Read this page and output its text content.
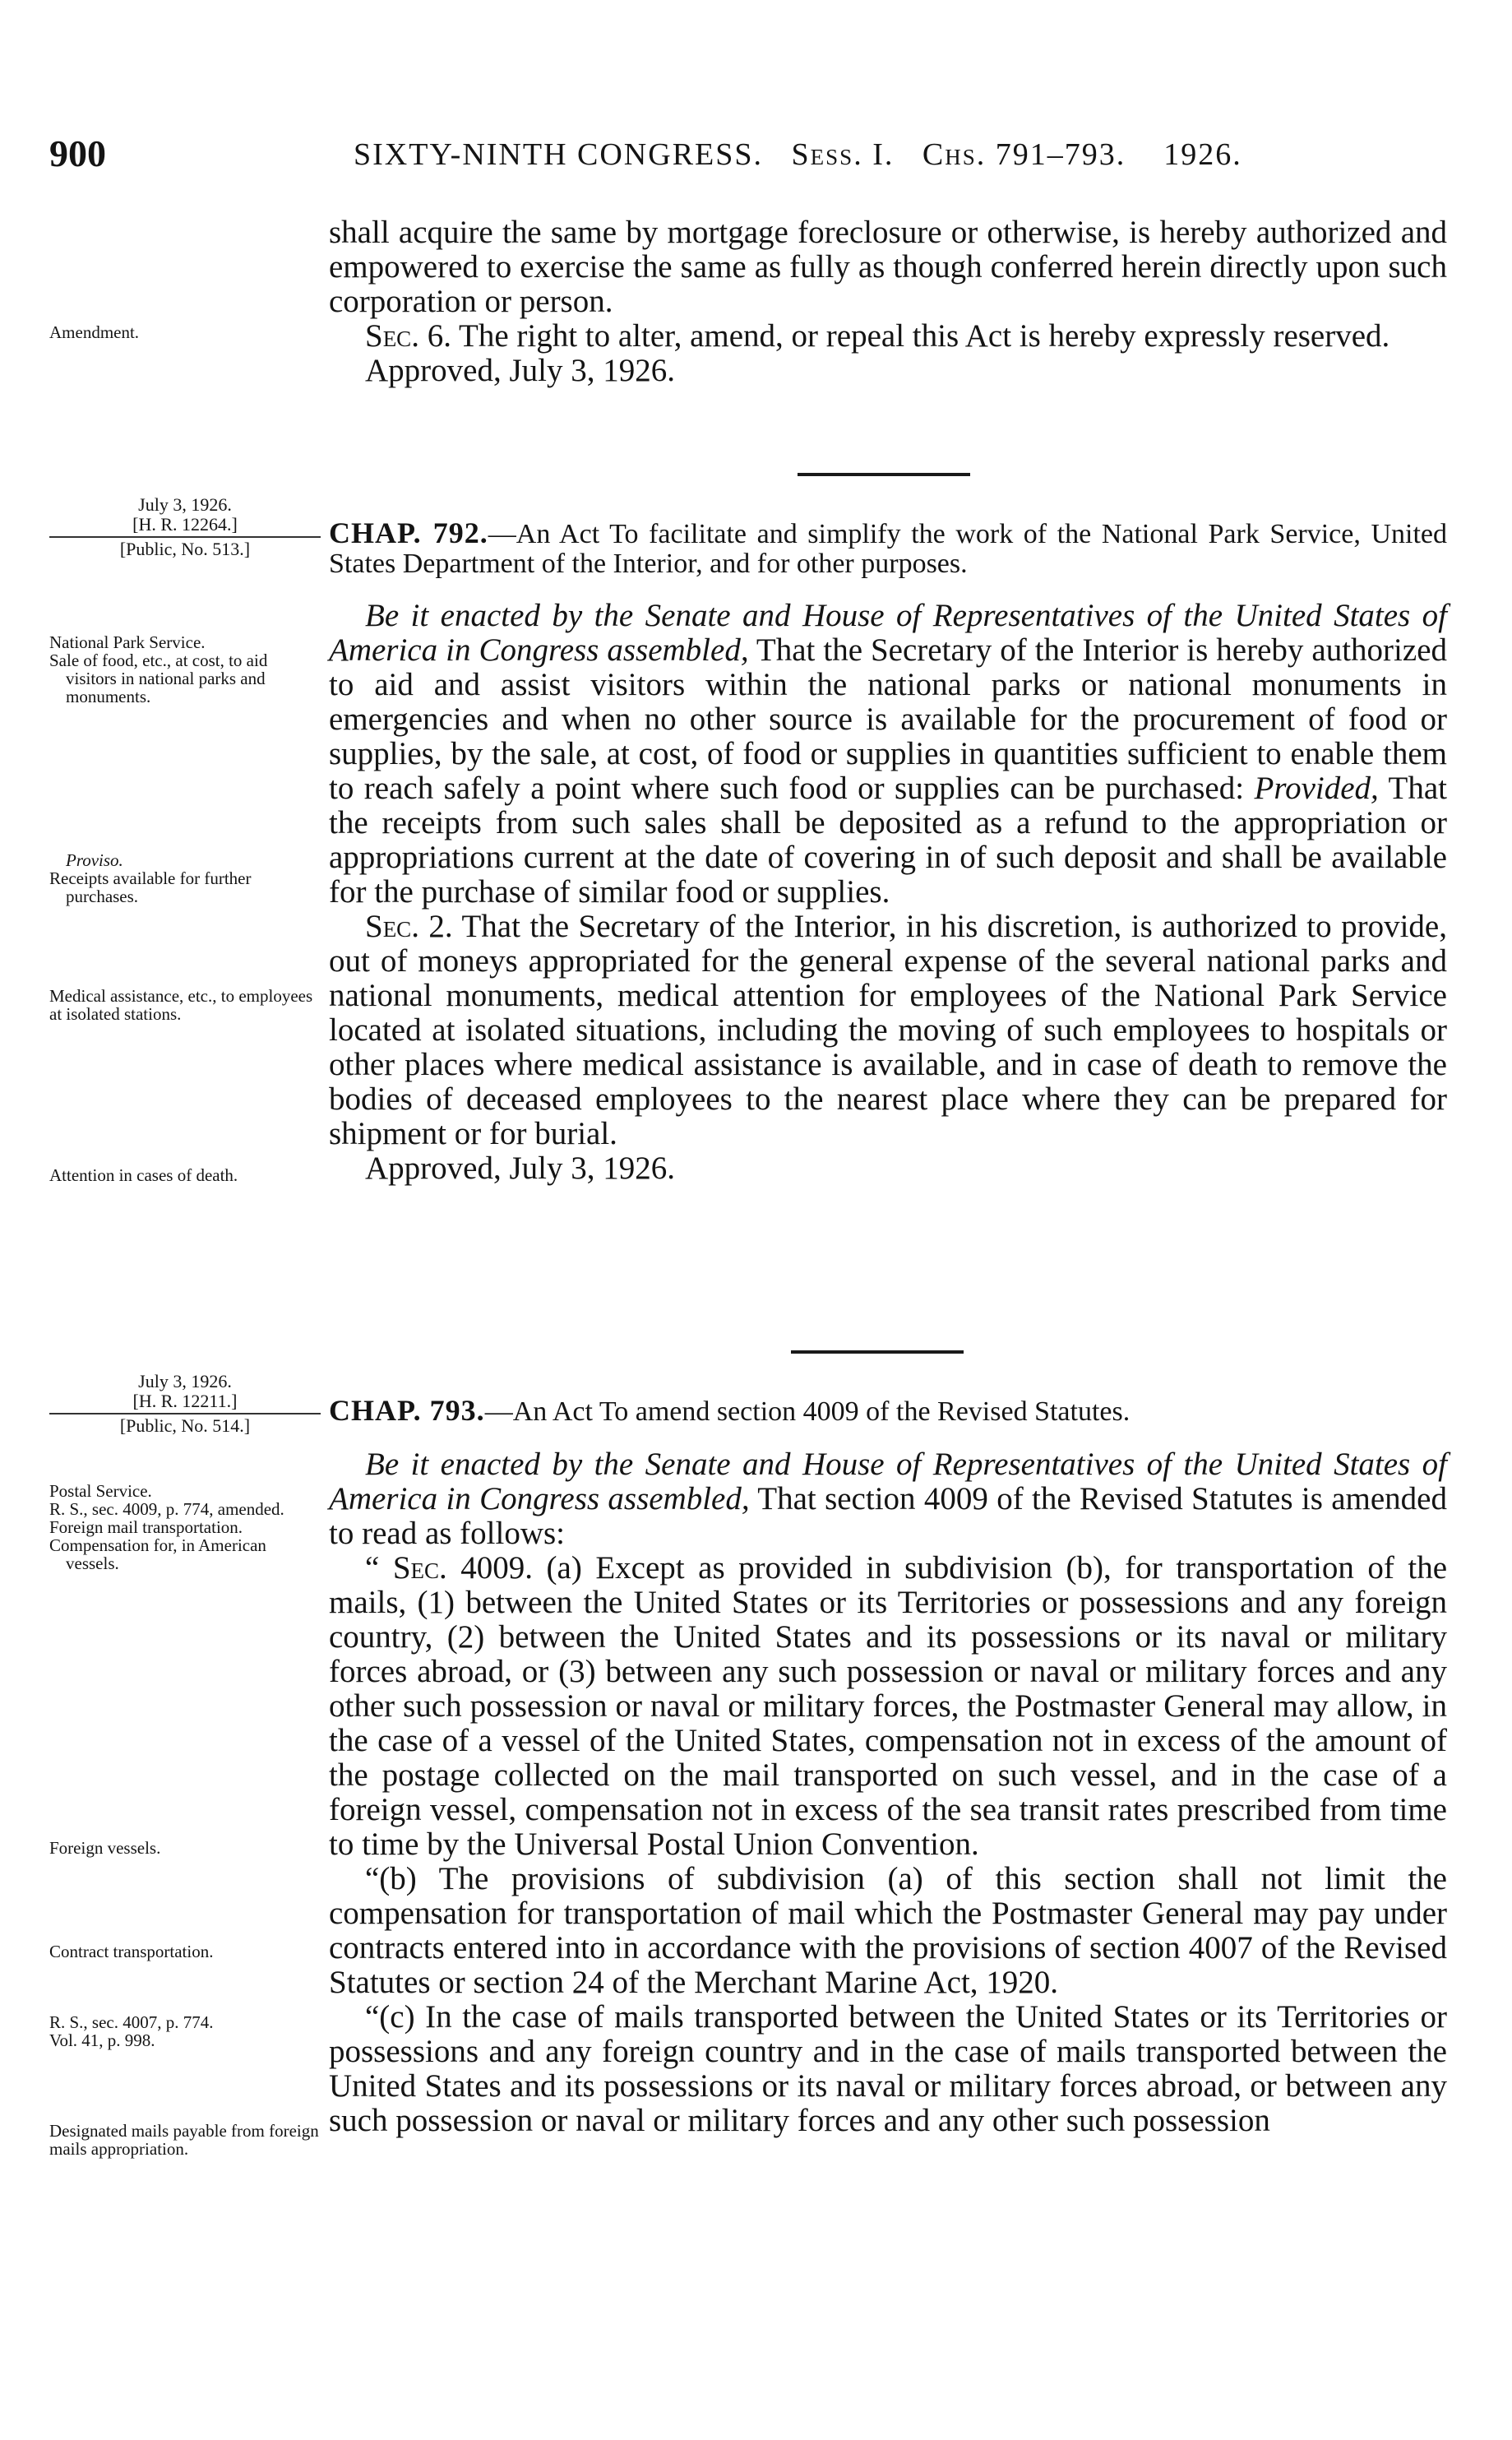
900	SIXTY-NINTH CONGRESS. Sess. I. Chs. 791–793. 1926.

shall acquire the same by mortgage foreclosure or otherwise, is hereby authorized and empowered to exercise the same as fully as though conferred herein directly upon such corporation or person.

Sec. 6. The right to alter, amend, or repeal this Act is hereby expressly reserved.

Approved, July 3, 1926.

Amendment.
July 3, 1926.
[H. R. 12264.]
[Public, No. 513.]	CHAP. 792.—An Act To facilitate and simplify the work of the National Park Service, United States Department of the Interior, and for other purposes.

Be it enacted by the Senate and House of Representatives of the United States of America in Congress assembled, That the Secretary of the Interior is hereby authorized to aid and assist visitors within the national parks or national monuments in emergencies and when no other source is available for the procurement of food or supplies, by the sale, at cost, of food or supplies in quantities sufficient to enable them to reach safely a point where such food or supplies can be purchased: Provided, That the receipts from such sales shall be deposited as a refund to the appropriation or appropriations current at the date of covering in of such deposit and shall be available for the purchase of similar food or supplies.

Sec. 2. That the Secretary of the Interior, in his discretion, is authorized to provide, out of moneys appropriated for the general expense of the several national parks and national monuments, medical attention for employees of the National Park Service located at isolated situations, including the moving of such employees to hospitals or other places where medical assistance is available, and in case of death to remove the bodies of deceased employees to the nearest place where they can be prepared for shipment or for burial.

Approved, July 3, 1926.

National Park Service.
Sale of food, etc., at cost, to aid visitors in national parks and monuments.
Proviso.
Receipts available for further purchases.
Medical assistance, etc., to employees at isolated stations.
Attention in cases of death.
July 3, 1926.
[H. R. 12211.]
[Public, No. 514.]	CHAP. 793.—An Act To amend section 4009 of the Revised Statutes.

Be it enacted by the Senate and House of Representatives of the United States of America in Congress assembled, That section 4009 of the Revised Statutes is amended to read as follows:

“ Sec. 4009. (a) Except as provided in subdivision (b), for transportation of the mails, (1) between the United States or its Territories or possessions and any foreign country, (2) between the United States and its possessions or its naval or military forces abroad, or (3) between any such possession or naval or military forces and any other such possession or naval or military forces, the Postmaster General may allow, in the case of a vessel of the United States, compensation not in excess of the amount of the postage collected on the mail transported on such vessel, and in the case of a foreign vessel, compensation not in excess of the sea transit rates prescribed from time to time by the Universal Postal Union Convention.

“(b) The provisions of subdivision (a) of this section shall not limit the compensation for transportation of mail which the Postmaster General may pay under contracts entered into in accordance with the provisions of section 4007 of the Revised Statutes or section 24 of the Merchant Marine Act, 1920.

“(c) In the case of mails transported between the United States or its Territories or possessions and any foreign country and in the case of mails transported between the United States and its possessions or its naval or military forces abroad, or between any such possession or naval or military forces and any other such possession

Postal Service.
R. S., sec. 4009, p. 774, amended.
Foreign mail transportation.
Compensation for, in American vessels.
Foreign vessels.
Contract transportation.
R. S., sec. 4007, p. 774.
Vol. 41, p. 998.
Designated mails payable from foreign mails appropriation.
